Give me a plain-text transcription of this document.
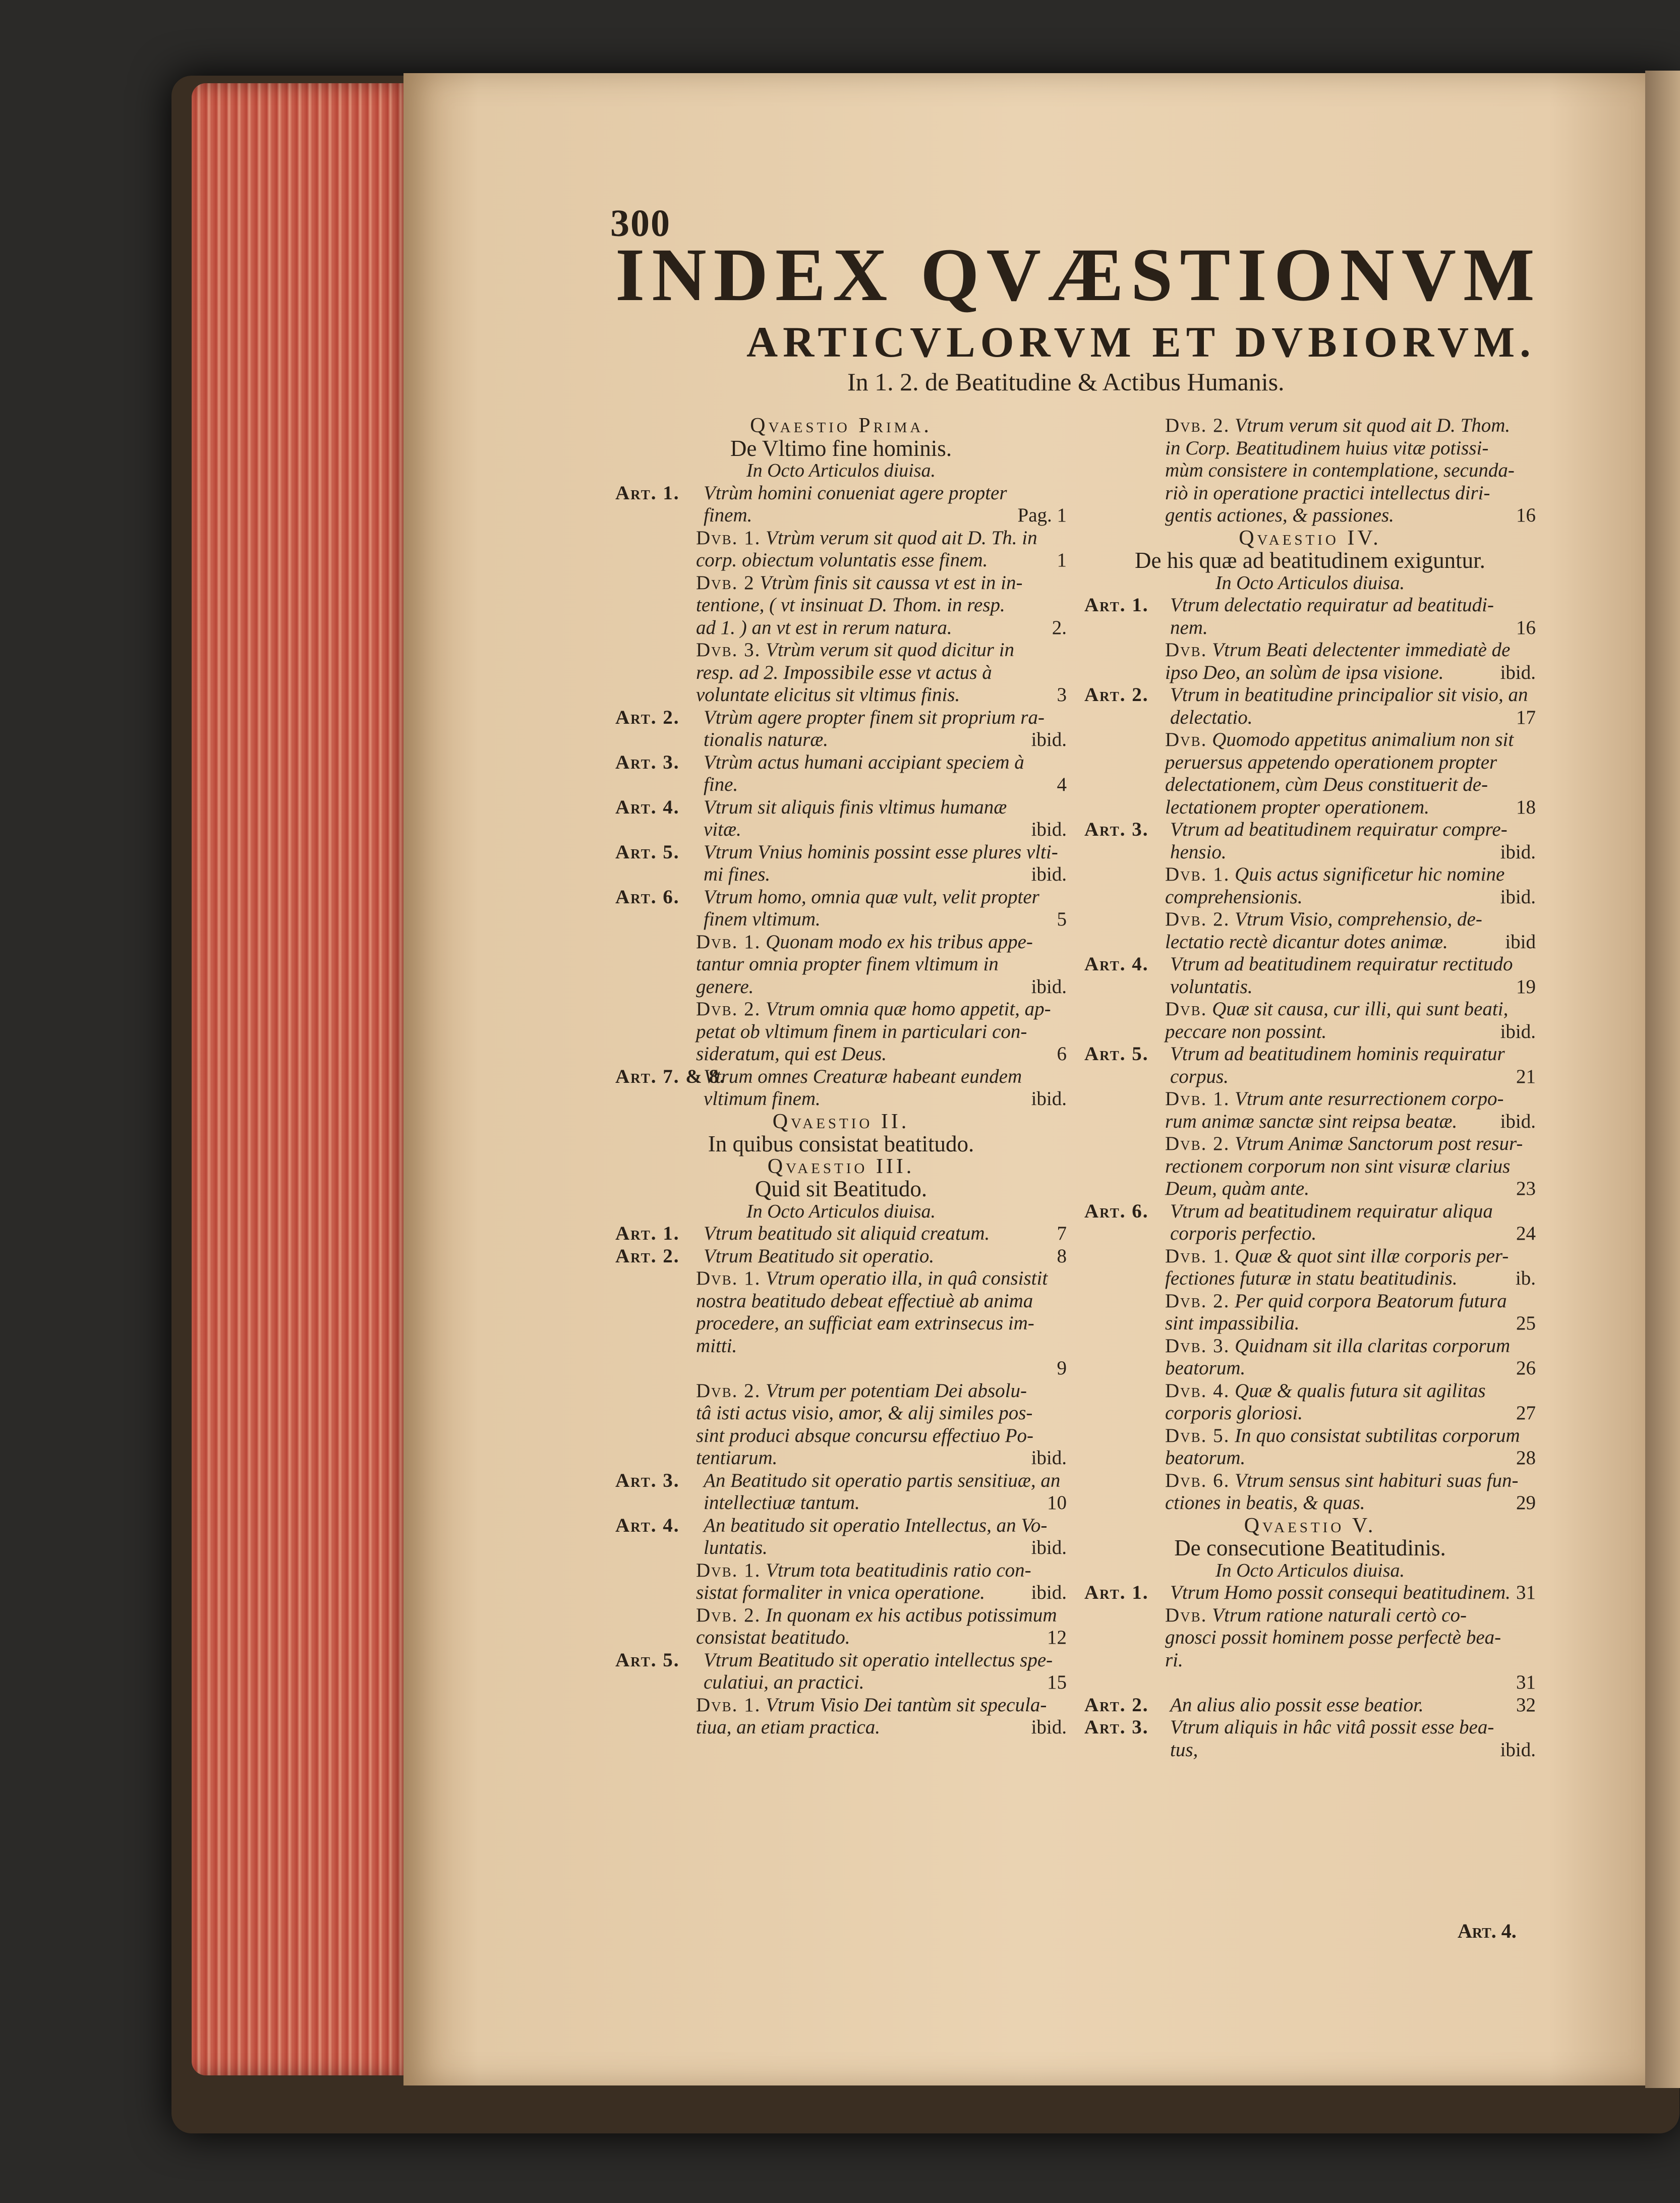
300
INDEX QVÆSTIONVM
ARTICVLORVM ET DVBIORVM.
In 1. 2. de Beatitudine & Actibus Humanis.
Qvaestio Prima.
De Vltimo fine hominis.
In Octo Articulos diuisa.
Art. 1. Vtrùm homini conueniat agere propter
finem.	Pag. 1
Dvb. 1. Vtrùm verum sit quod ait D. Th. in
corp. obiectum voluntatis esse finem.	1
Dvb. 2 Vtrùm finis sit caussa vt est in in-
tentione, ( vt insinuat D. Thom. in resp.
ad 1. ) an vt est in rerum natura.	2.
Dvb. 3. Vtrùm verum sit quod dicitur in
resp. ad 2. Impossibile esse vt actus à
voluntate elicitus sit vltimus finis.	3
Art. 2. Vtrùm agere propter finem sit proprium ra-
tionalis naturæ.	ibid.
Art. 3. Vtrùm actus humani accipiant speciem à
fine.	4
Art. 4. Vtrum sit aliquis finis vltimus humanæ
vitæ.	ibid.
Art. 5. Vtrum Vnius hominis possint esse plures vlti-
mi fines.	ibid.
Art. 6. Vtrum homo, omnia quæ vult, velit propter
finem vltimum.	5
Dvb. 1. Quonam modo ex his tribus appe-
tantur omnia propter finem vltimum in
genere.	ibid.
Dvb. 2. Vtrum omnia quæ homo appetit, ap-
petat ob vltimum finem in particulari con-
sideratum, qui est Deus.	6
Art. 7. & 8.
Vtrum omnes Creaturæ habeant eundem
vltimum finem.	ibid.
Qvaestio II.
In quibus consistat beatitudo.
Qvaestio III.
Quid sit Beatitudo.
In Octo Articulos diuisa.
Art. 1. Vtrum beatitudo sit aliquid creatum.	7
Art. 2. Vtrum Beatitudo sit operatio.	8
Dvb. 1. Vtrum operatio illa, in quâ consistit
nostra beatitudo debeat effectiuè ab anima
procedere, an sufficiat eam extrinsecus im-
mitti.
9
Dvb. 2. Vtrum per potentiam Dei absolu-
tâ isti actus visio, amor, & alij similes pos-
sint produci absque concursu effectiuo Po-
tentiarum.	ibid.
Art. 3. An Beatitudo sit operatio partis sensitiuæ, an
intellectiuæ tantum.	10
Art. 4. An beatitudo sit operatio Intellectus, an Vo-
luntatis.	ibid.
Dvb. 1. Vtrum tota beatitudinis ratio con-
sistat formaliter in vnica operatione. ibid.
Dvb. 2. In quonam ex his actibus potissimum
consistat beatitudo.	12
Art. 5. Vtrum Beatitudo sit operatio intellectus spe-
culatiui, an practici.	15
Dvb. 1. Vtrum Visio Dei tantùm sit specula-
tiua, an etiam practica.	ibid.
Dvb. 2. Vtrum verum sit quod ait D. Thom.
in Corp. Beatitudinem huius vitæ potissi-
mùm consistere in contemplatione, secunda-
riò in operatione practici intellectus diri-
gentis actiones, & passiones.	16
Qvaestio IV.
De his quæ ad beatitudinem exiguntur.
In Octo Articulos diuisa.
Art. 1. Vtrum delectatio requiratur ad beatitudi-
nem.	16
Dvb. Vtrum Beati delectenter immediatè de
ipso Deo, an solùm de ipsa visione.	ibid.
Art. 2. Vtrum in beatitudine principalior sit visio, an
delectatio.	17
Dvb. Quomodo appetitus animalium non sit
peruersus appetendo operationem propter
delectationem, cùm Deus constituerit de-
lectationem propter operationem.	18
Art. 3. Vtrum ad beatitudinem requiratur compre-
hensio.	ibid.
Dvb. 1. Quis actus significetur hic nomine
comprehensionis.	ibid.
Dvb. 2. Vtrum Visio, comprehensio, de-
lectatio rectè dicantur dotes animæ.	ibid
Art. 4. Vtrum ad beatitudinem requiratur rectitudo
voluntatis.	19
Dvb. Quæ sit causa, cur illi, qui sunt beati,
peccare non possint.	ibid.
Art. 5. Vtrum ad beatitudinem hominis requiratur
corpus.	21
Dvb. 1. Vtrum ante resurrectionem corpo-
rum animæ sanctæ sint reipsa beatæ. ibid.
Dvb. 2. Vtrum Animæ Sanctorum post resur-
rectionem corporum non sint visuræ clarius
Deum, quàm ante.	23
Art. 6. Vtrum ad beatitudinem requiratur aliqua
corporis perfectio.	24
Dvb. 1. Quæ & quot sint illæ corporis per-
fectiones futuræ in statu beatitudinis.	ib.
Dvb. 2. Per quid corpora Beatorum futura
sint impassibilia.	25
Dvb. 3. Quidnam sit illa claritas corporum
beatorum.	26
Dvb. 4. Quæ & qualis futura sit agilitas
corporis gloriosi.	27
Dvb. 5. In quo consistat subtilitas corporum
beatorum.	28
Dvb. 6. Vtrum sensus sint habituri suas fun-
ctiones in beatis, & quas.	29
Qvaestio V.
De consecutione Beatitudinis.
In Octo Articulos diuisa.
Art. 1. Vtrum Homo possit consequi beatitudinem. 31
Dvb. Vtrum ratione naturali certò co-
gnosci possit hominem posse perfectè bea-
ri.
31
Art. 2. An alius alio possit esse beatior.	32
Art. 3. Vtrum aliquis in hâc vitâ possit esse bea-
tus,	ibid.
Art. 4.
